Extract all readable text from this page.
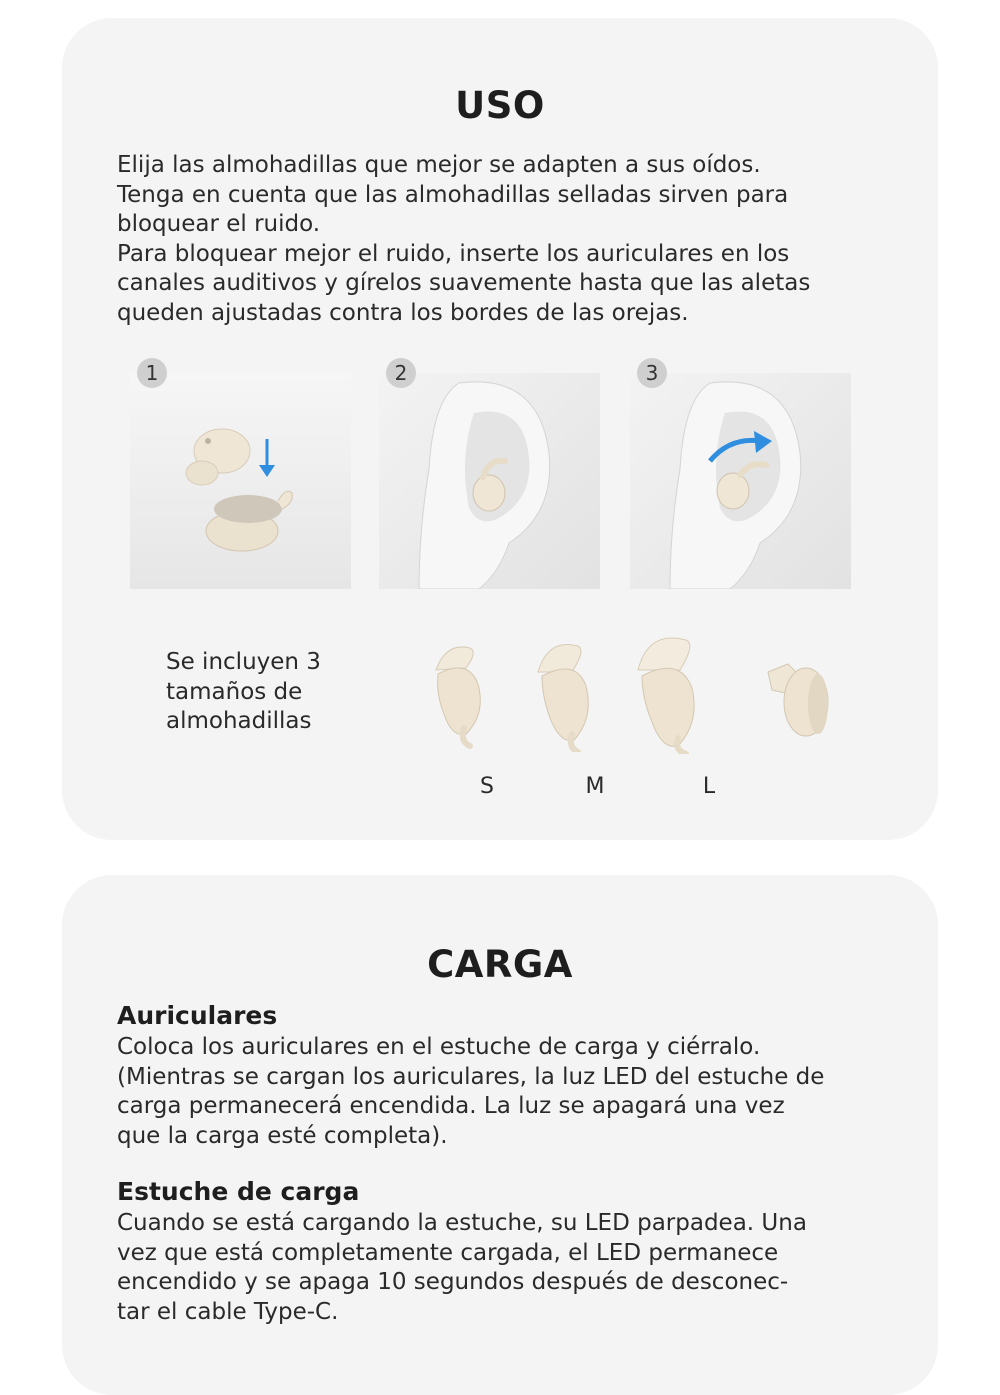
USO
Elija las almohadillas que mejor se adapten a sus oídos.
Tenga en cuenta que las almohadillas selladas sirven para
bloquear el ruido.
Para bloquear mejor el ruido, inserte los auriculares en los
canales auditivos y gírelos suavemente hasta que las aletas
queden ajustadas contra los bordes de las orejas.
1	2	3
Se incluyen 3
tamaños de
almohadillas
S	M	L
CARGA
Auriculares
Coloca los auriculares en el estuche de carga y ciérralo.
(Mientras se cargan los auriculares, la luz LED del estuche de
carga permanecerá encendida. La luz se apagará una vez
que la carga esté completa).
Estuche de carga
Cuando se está cargando la estuche, su LED parpadea. Una
vez que está completamente cargada, el LED permanece
encendido y se apaga 10 segundos después de desconec-
tar el cable Type-C.
